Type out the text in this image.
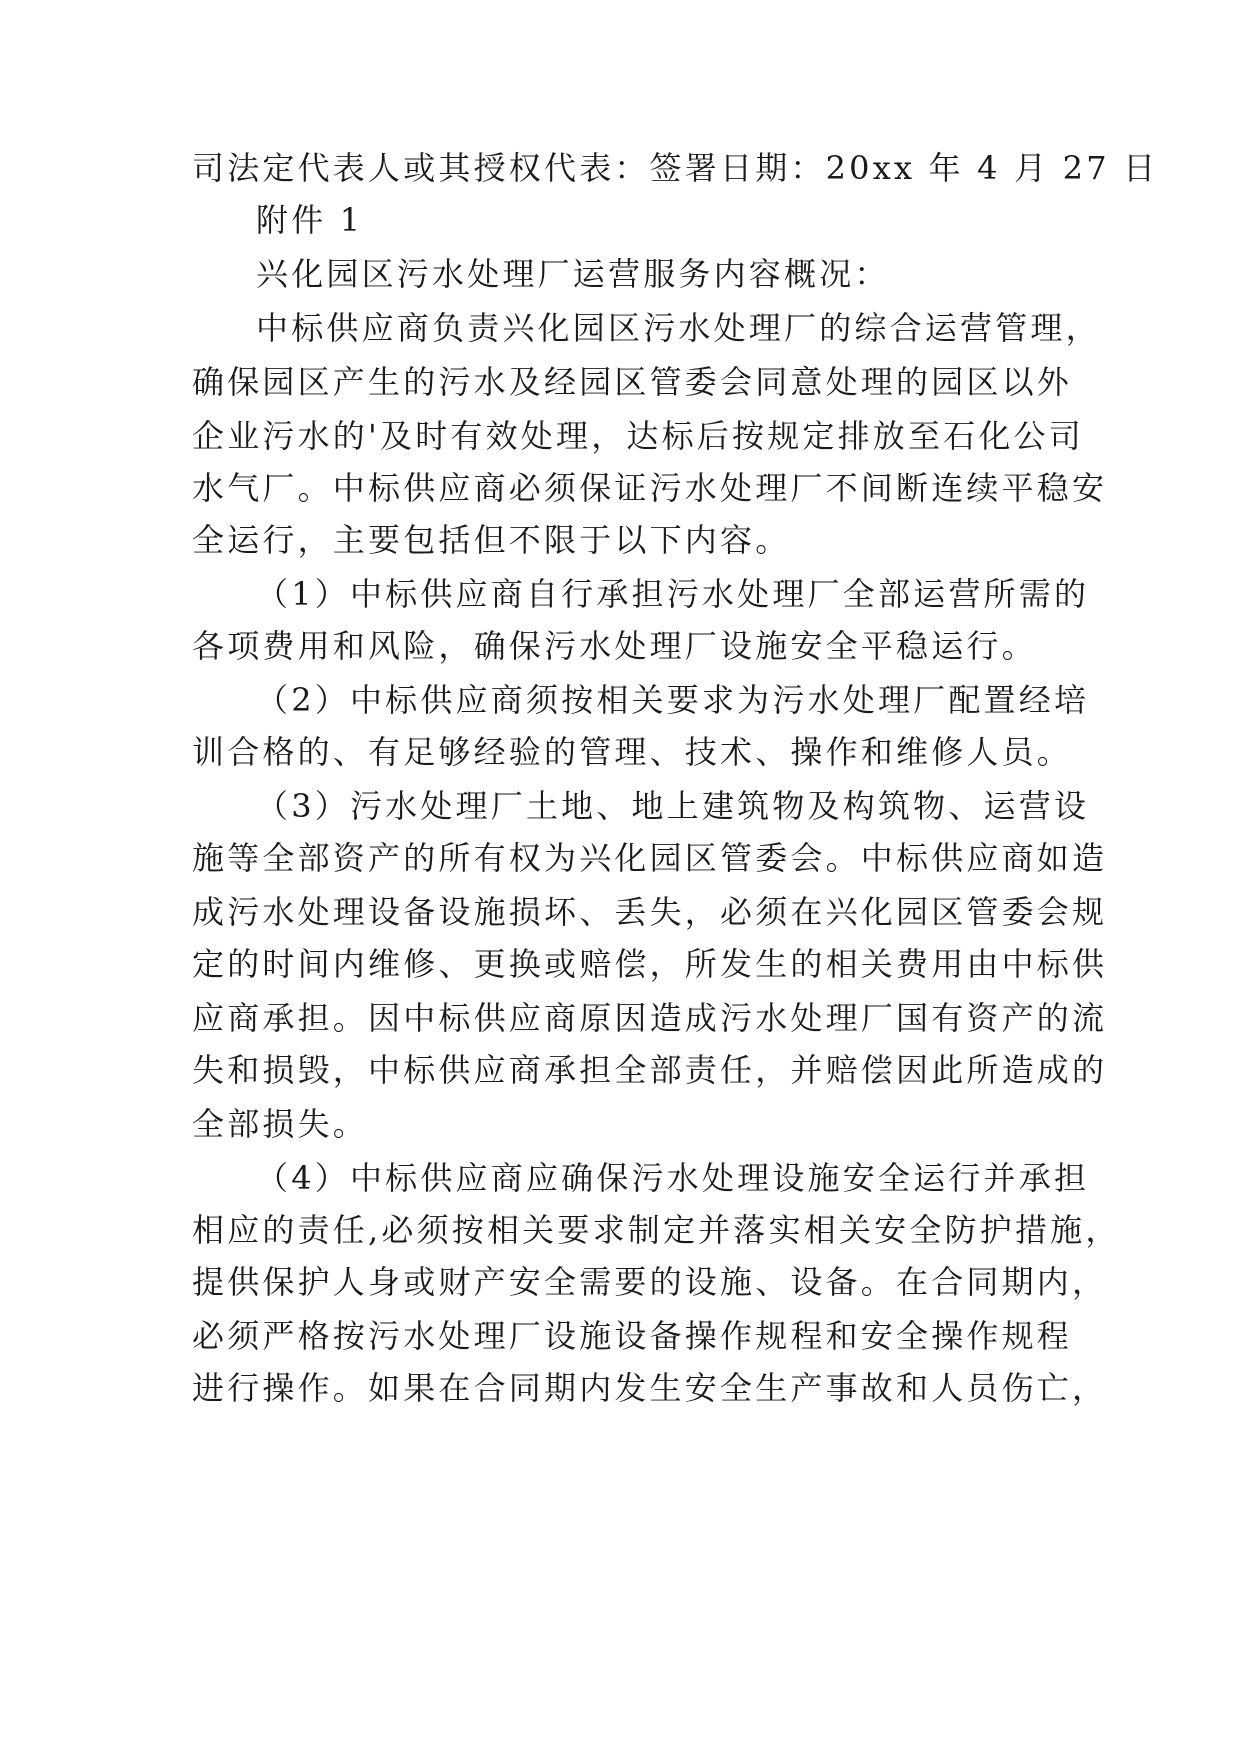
司法定代表人或其授权代表：签署日期：20xx 年 4 月 27 日
附件 1
兴化园区污水处理厂运营服务内容概况：
中标供应商负责兴化园区污水处理厂的综合运营管理，
确保园区产生的污水及经园区管委会同意处理的园区以外
企业污水的'及时有效处理，达标后按规定排放至石化公司
水气厂。中标供应商必须保证污水处理厂不间断连续平稳安
全运行，主要包括但不限于以下内容。
（1）中标供应商自行承担污水处理厂全部运营所需的
各项费用和风险，确保污水处理厂设施安全平稳运行。
（2）中标供应商须按相关要求为污水处理厂配置经培
训合格的、有足够经验的管理、技术、操作和维修人员。
（3）污水处理厂土地、地上建筑物及构筑物、运营设
施等全部资产的所有权为兴化园区管委会。中标供应商如造
成污水处理设备设施损坏、丢失，必须在兴化园区管委会规
定的时间内维修、更换或赔偿，所发生的相关费用由中标供
应商承担。因中标供应商原因造成污水处理厂国有资产的流
失和损毁，中标供应商承担全部责任，并赔偿因此所造成的
全部损失。
（4）中标供应商应确保污水处理设施安全运行并承担
相应的责任,必须按相关要求制定并落实相关安全防护措施，
提供保护人身或财产安全需要的设施、设备。在合同期内，
必须严格按污水处理厂设施设备操作规程和安全操作规程
进行操作。如果在合同期内发生安全生产事故和人员伤亡，
